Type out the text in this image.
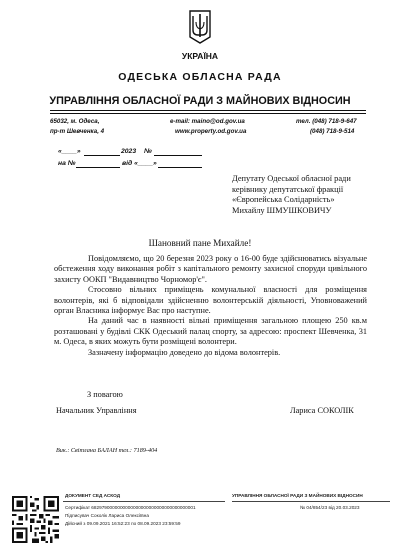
УКРАЇНА
ОДЕСЬКА ОБЛАСНА РАДА
УПРАВЛІННЯ ОБЛАСНОЇ РАДИ З МАЙНОВИХ ВІДНОСИН
65032, м. Одеса,
пр-т Шевченка, 4
e-mail: maino@od.gov.ua
www.property.od.gov.ua
тел. (048) 718-9-647
(048) 718-9-514
«____»	2023 №
на №	від «____»
Депутату Одеської обласної ради
керівнику депутатської фракції
«Європейська Солідарність»
Михайлу ШМУШКОВИЧУ
Шановний пане Михайле!

Повідомляємо, що 20 березня 2023 року о 16-00 буде здійснюватись візуальне обстеження ходу виконання робіт з капітального ремонту захисної споруди цивільного захисту ООКП "Видавництво Чорномор'є".

Стосовно вільних приміщень комунальної власності для розміщення волонтерів, які б відповідали здійсненню волонтерській діяльності, Уповноважений орган Власника інформує Вас про наступне.

На даний час в наявності вільні приміщення загальною площею 250 кв.м розташовані у будівлі СКК Одеський палац спорту, за адресою: проспект Шевченка, 31 м. Одеса, в яких можуть бути розміщені волонтери.

Зазначену інформацію доведено до відома волонтерів.

З повагою
Начальник Управління	Лариса СОКОЛІК
Вик.: Світлана БАЛАН тел.: 7189-404
ДОКУМЕНТ СЕД АСКОД
Сертифікат 6829790000000000000000000000000000000001
Підписувач Соколік Лариса Олексіївна
Дійсний з 09.09.2021 16:52:23 по 08.09.2023 23:59:59
УПРАВЛІННЯ ОБЛАСНОЇ РАДИ З МАЙНОВИХ ВІДНОСИН
№ 04/854/23 від 20.03.2023
